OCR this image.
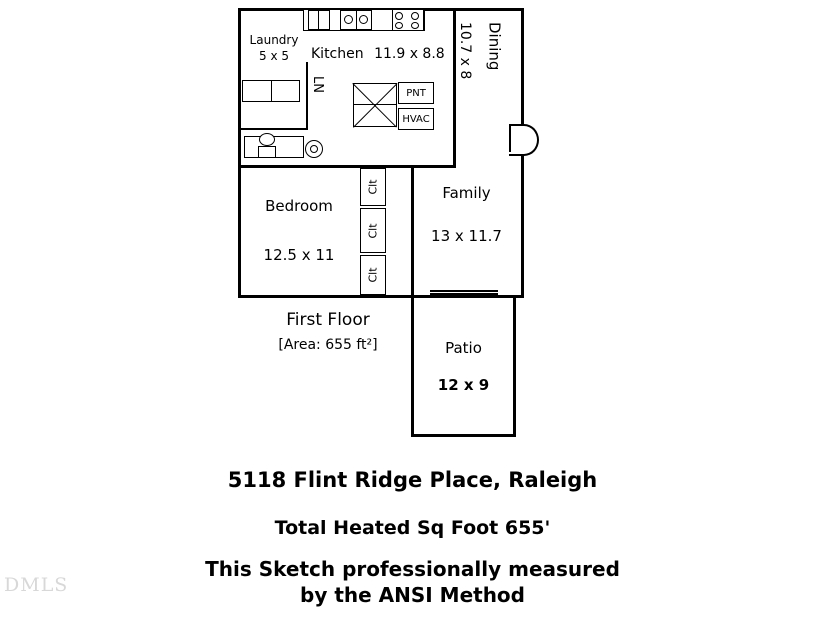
PNT
HVAC
Clt
Clt
Clt
Laundry
5 x 5
LN
Kitchen 11.9 x 8.8 10.7 x 8 Dining
Family
13 x 11.7
Bedroom
12.5 x 11
Patio
12 x 9
First Floor
[Area: 655 ft²]
5118 Flint Ridge Place, Raleigh
Total Heated Sq Foot 655'
This Sketch professionally measured
by the ANSI Method
DMLS
